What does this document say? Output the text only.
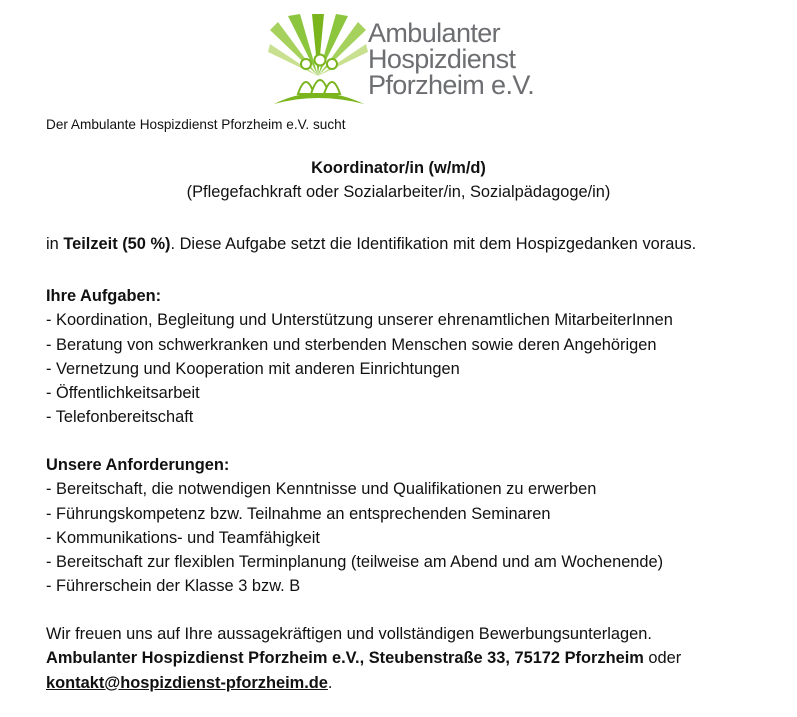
Ambulanter
Hospizdienst
Pforzheim e.V.
Der Ambulante Hospizdienst Pforzheim e.V. sucht
Koordinator/in (w/m/d)
(Pflegefachkraft oder Sozialarbeiter/in, Sozialpädagoge/in)
in Teilzeit (50 %). Diese Aufgabe setzt die Identifikation mit dem Hospizgedanken voraus.
Ihre Aufgaben:
- Koordination, Begleitung und Unterstützung unserer ehrenamtlichen MitarbeiterInnen
- Beratung von schwerkranken und sterbenden Menschen sowie deren Angehörigen
- Vernetzung und Kooperation mit anderen Einrichtungen
- Öffentlichkeitsarbeit
- Telefonbereitschaft
Unsere Anforderungen:
- Bereitschaft, die notwendigen Kenntnisse und Qualifikationen zu erwerben
- Führungskompetenz bzw. Teilnahme an entsprechenden Seminaren
- Kommunikations- und Teamfähigkeit
- Bereitschaft zur flexiblen Terminplanung (teilweise am Abend und am Wochenende)
- Führerschein der Klasse 3 bzw. B
Wir freuen uns auf Ihre aussagekräftigen und vollständigen Bewerbungsunterlagen.
Ambulanter Hospizdienst Pforzheim e.V., Steubenstraße 33, 75172 Pforzheim oder
kontakt@hospizdienst-pforzheim.de.
